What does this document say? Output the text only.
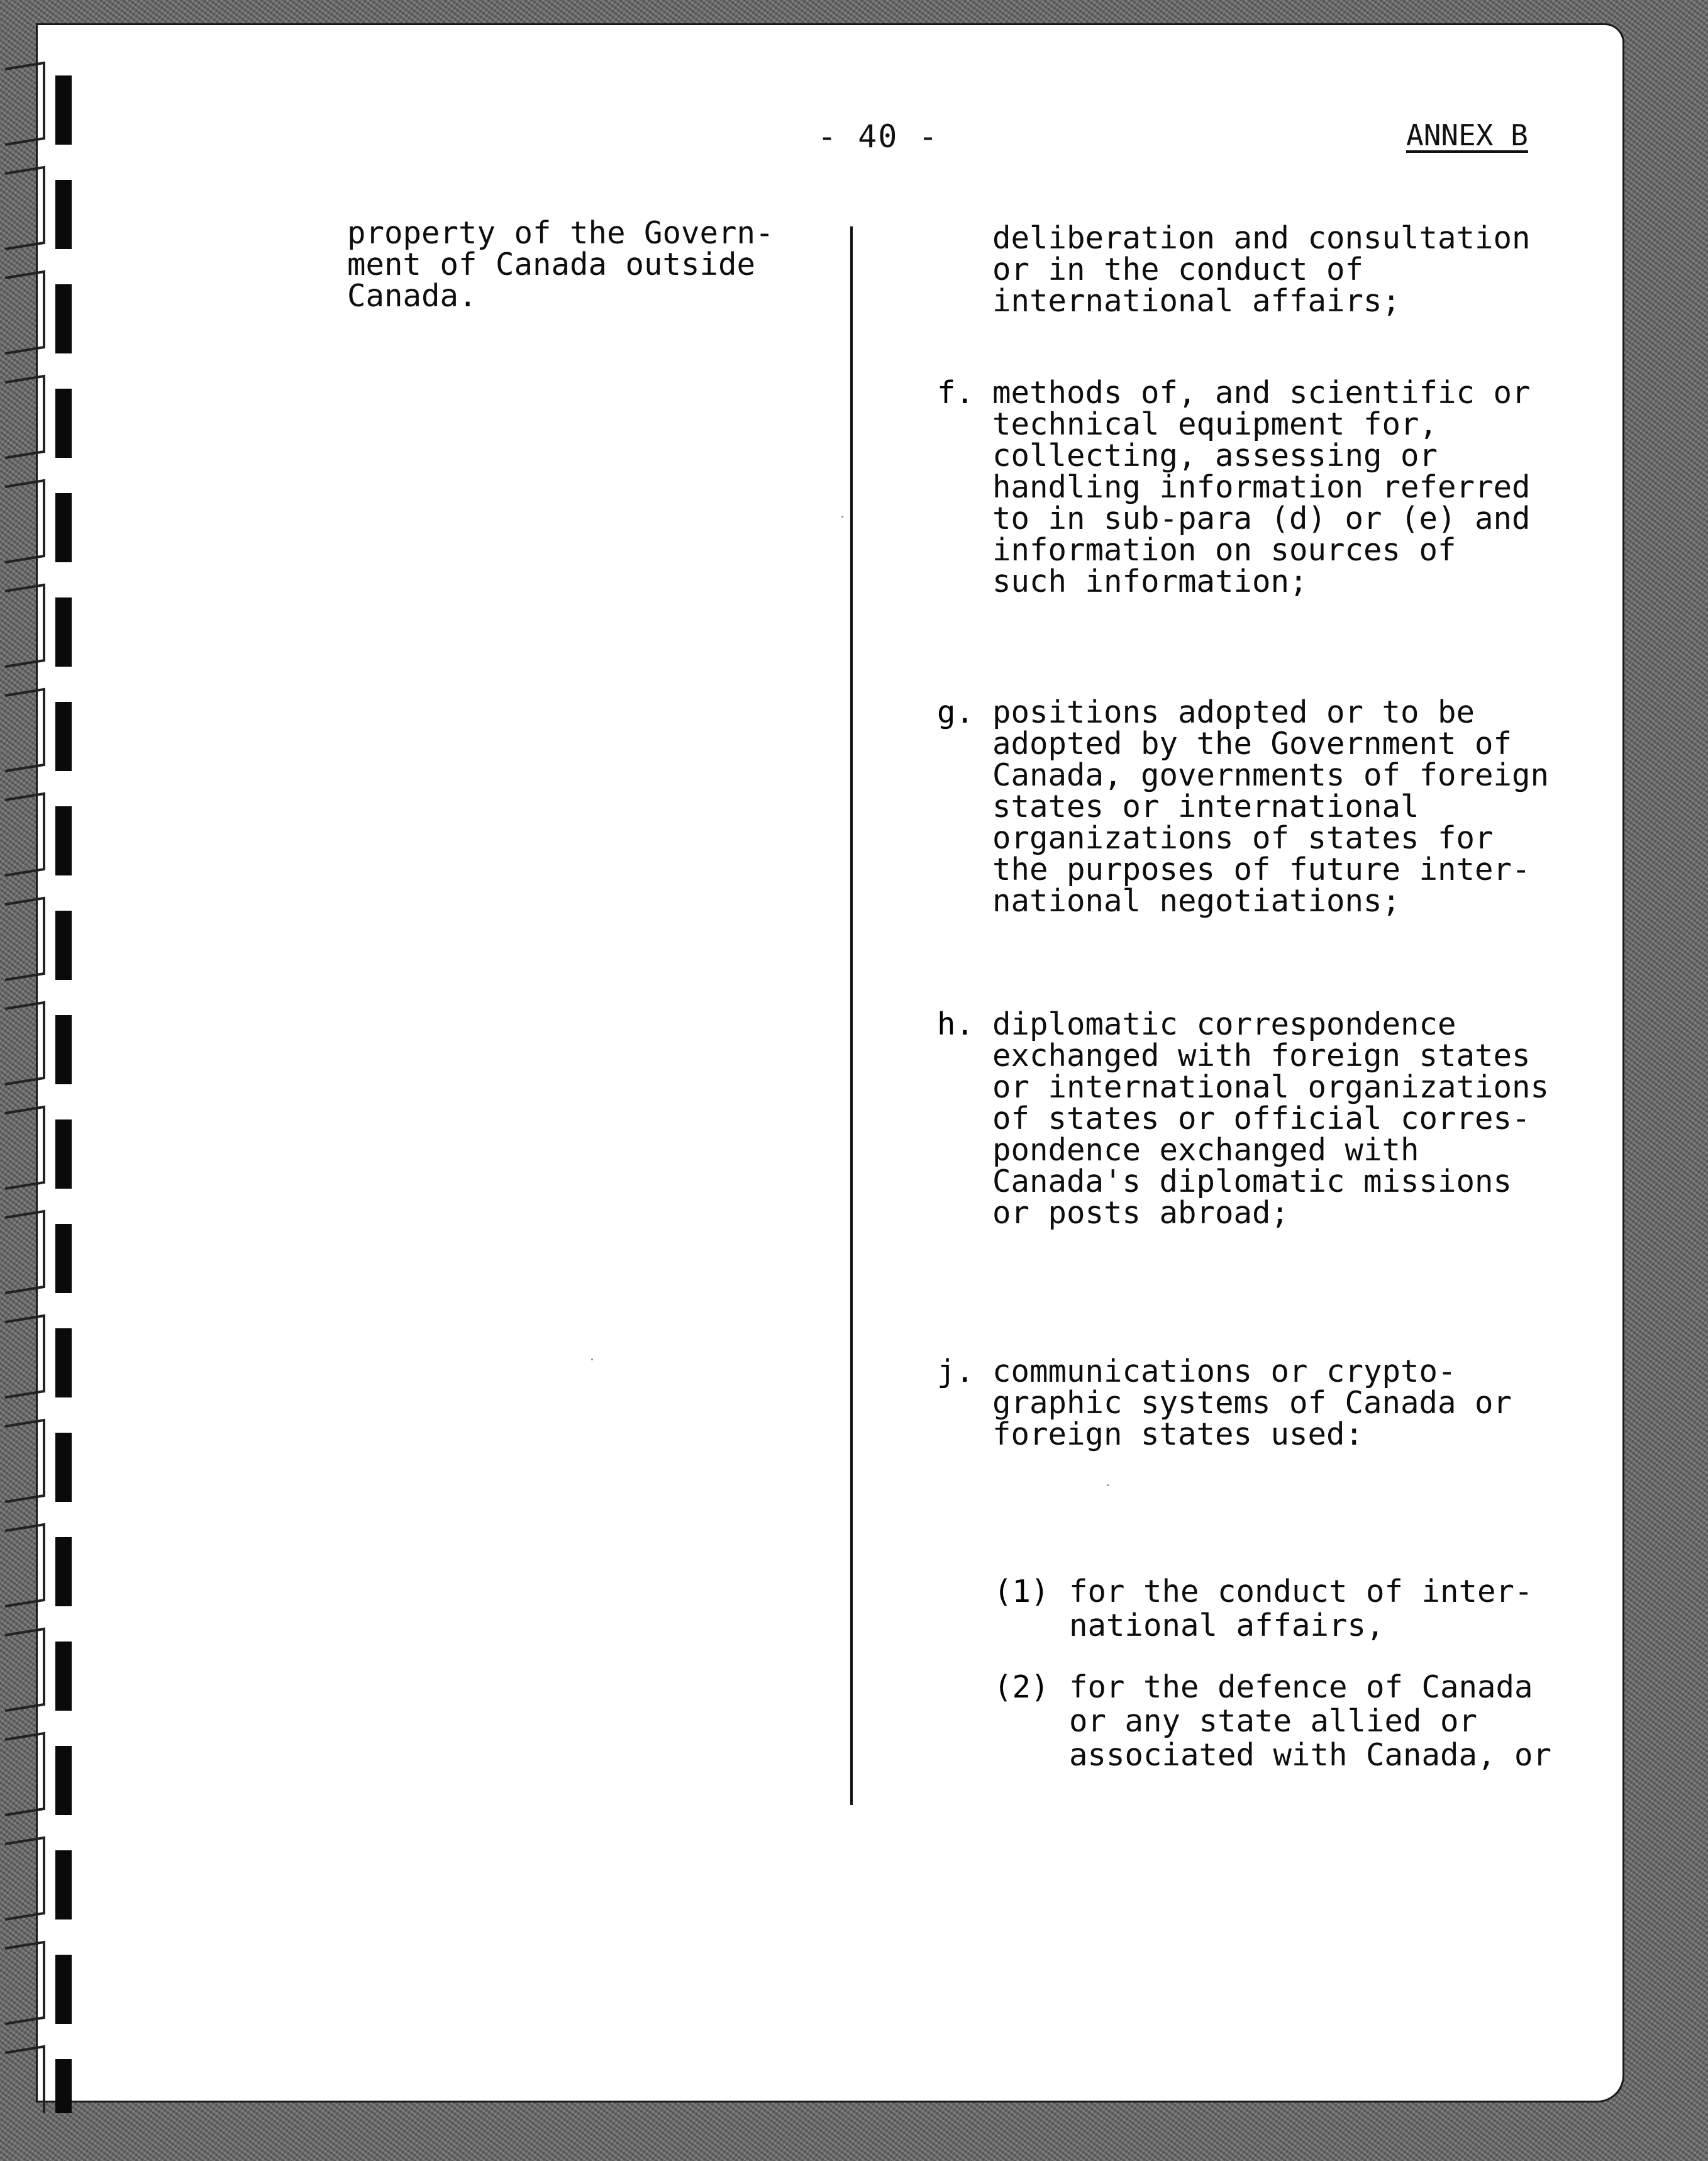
- 40 -	ANNEX B
property of the Govern-
ment of Canada outside
Canada.
deliberation and consultation
or in the conduct of
international affairs;
f. methods of, and scientific or
technical equipment for,
collecting, assessing or
handling information referred
to in sub-para (d) or (e) and
information on sources of
such information;
g. positions adopted or to be
adopted by the Government of
Canada, governments of foreign
states or international
organizations of states for
the purposes of future inter-
national negotiations;
h. diplomatic correspondence
exchanged with foreign states
or international organizations
of states or official corres-
pondence exchanged with
Canada's diplomatic missions
or posts abroad;
j. communications or crypto-
graphic systems of Canada or
foreign states used:
(1) for the conduct of inter-
national affairs,
(2) for the defence of Canada
or any state allied or
associated with Canada, or
